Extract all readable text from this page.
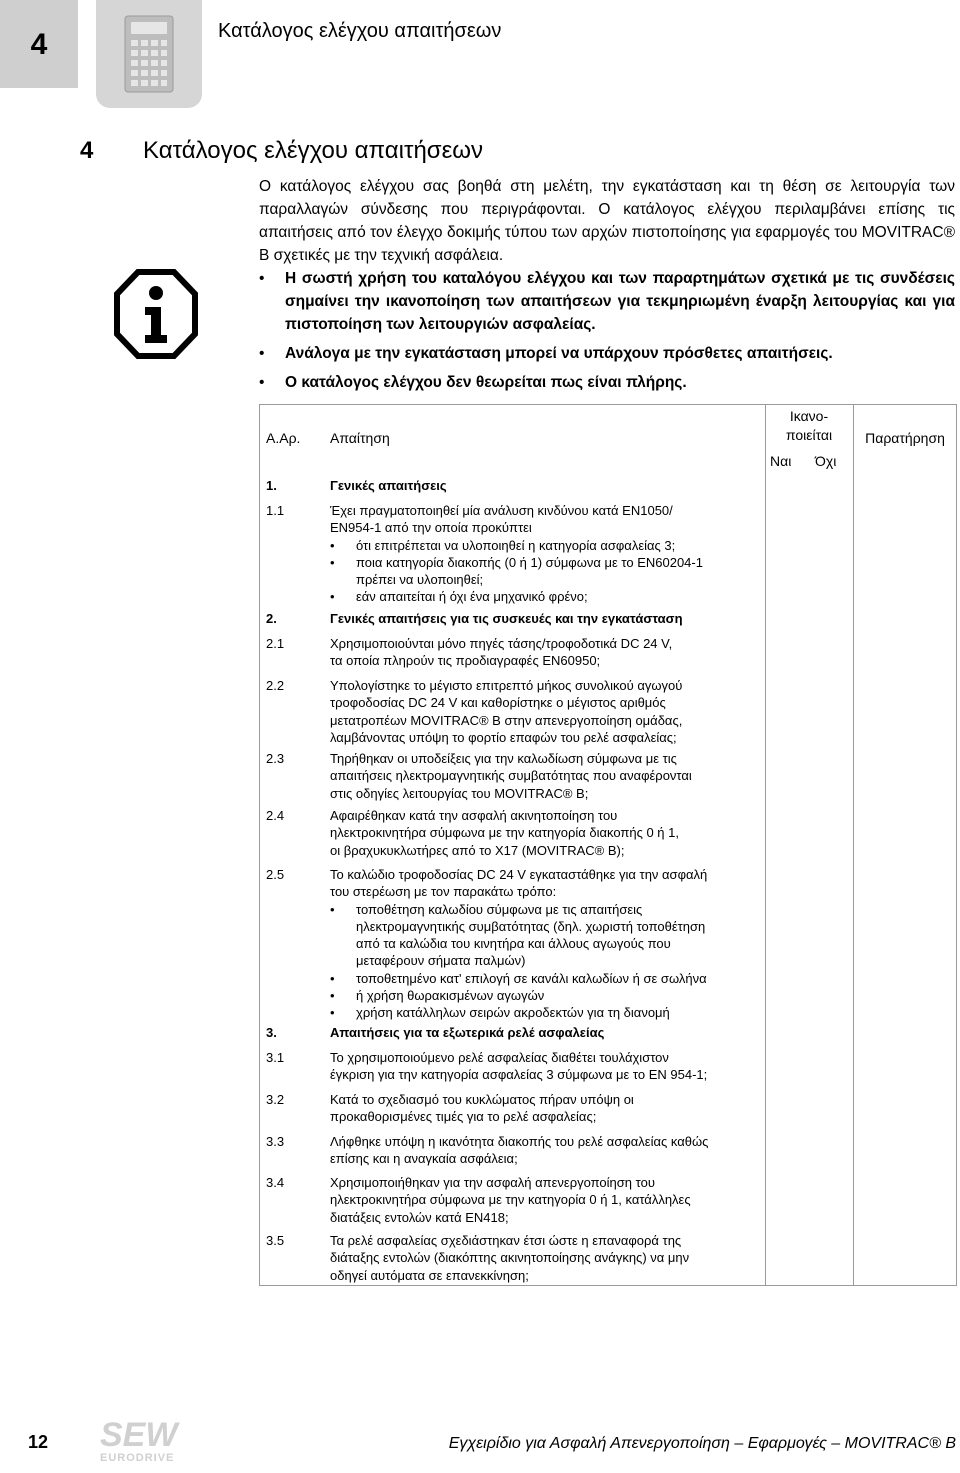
4	Κατάλογος ελέγχου απαιτήσεων
4 Κατάλογος ελέγχου απαιτήσεων
Ο κατάλογος ελέγχου σας βοηθά στη μελέτη, την εγκατάσταση και τη θέση σε λειτουργία των παραλλαγών σύνδεσης που περιγράφονται. Ο κατάλογος ελέγχου περιλαμβάνει επίσης τις απαιτήσεις από τον έλεγχο δοκιμής τύπου των αρχών πιστοποίησης για εφαρμογές του MOVITRAC® B σχετικές με την τεχνική ασφάλεια.
• Η σωστή χρήση του καταλόγου ελέγχου και των παραρτημάτων σχετικά με τις συνδέσεις σημαίνει την ικανοποίηση των απαιτήσεων για τεκμηριωμένη έναρξη λειτουργίας και για πιστοποίηση των λειτουργιών ασφαλείας.
• Ανάλογα με την εγκατάσταση μπορεί να υπάρχουν πρόσθετες απαιτήσεις.
• Ο κατάλογος ελέγχου δεν θεωρείται πως είναι πλήρης.
Α.Αρ. Απαίτηση
Ικανο-
ποιείται
Ναι Όχι
Παρατήρηση
1.	Γενικές απαιτήσεις
1.1	Έχει πραγματοποιηθεί μία ανάλυση κινδύνου κατά EN1050/
EN954-1 από την οποία προκύπτει
• ότι επιτρέπεται να υλοποιηθεί η κατηγορία ασφαλείας 3;
• ποια κατηγορία διακοπής (0 ή 1) σύμφωνα με το EN60204-1
πρέπει να υλοποιηθεί;
• εάν απαιτείται ή όχι ένα μηχανικό φρένο;
2.	Γενικές απαιτήσεις για τις συσκευές και την εγκατάσταση
2.1	Χρησιμοποιούνται μόνο πηγές τάσης/τροφοδοτικά DC 24 V,
τα οποία πληρούν τις προδιαγραφές EN60950;
2.2	Υπολογίστηκε το μέγιστο επιτρεπτό μήκος συνολικού αγωγού
τροφοδοσίας DC 24 V και καθορίστηκε ο μέγιστος αριθμός
μετατροπέων MOVITRAC® B στην απενεργοποίηση ομάδας,
λαμβάνοντας υπόψη το φορτίο επαφών του ρελέ ασφαλείας;
2.3	Τηρήθηκαν οι υποδείξεις για την καλωδίωση σύμφωνα με τις
απαιτήσεις ηλεκτρομαγνητικής συμβατότητας που αναφέρονται
στις οδηγίες λειτουργίας του MOVITRAC® B;
2.4	Αφαιρέθηκαν κατά την ασφαλή ακινητοποίηση του
ηλεκτροκινητήρα σύμφωνα με την κατηγορία διακοπής 0 ή 1,
οι βραχυκυκλωτήρες από το X17 (MOVITRAC® B);
2.5	Το καλώδιο τροφοδοσίας DC 24 V εγκαταστάθηκε για την ασφαλή
του στερέωση με τον παρακάτω τρόπο:
• τοποθέτηση καλωδίου σύμφωνα με τις απαιτήσεις
ηλεκτρομαγνητικής συμβατότητας (δηλ. χωριστή τοποθέτηση
από τα καλώδια του κινητήρα και άλλους αγωγούς που
μεταφέρουν σήματα παλμών)
• τοποθετημένο κατ' επιλογή σε κανάλι καλωδίων ή σε σωλήνα
• ή χρήση θωρακισμένων αγωγών
• χρήση κατάλληλων σειρών ακροδεκτών για τη διανομή
3.	Απαιτήσεις για τα εξωτερικά ρελέ ασφαλείας
3.1	Το χρησιμοποιούμενο ρελέ ασφαλείας διαθέτει τουλάχιστον
έγκριση για την κατηγορία ασφαλείας 3 σύμφωνα με το EN 954-1;
3.2	Κατά το σχεδιασμό του κυκλώματος πήραν υπόψη οι
προκαθορισμένες τιμές για το ρελέ ασφαλείας;
3.3	Λήφθηκε υπόψη η ικανότητα διακοπής του ρελέ ασφαλείας καθώς
επίσης και η αναγκαία ασφάλεια;
3.4	Χρησιμοποιήθηκαν για την ασφαλή απενεργοποίηση του
ηλεκτροκινητήρα σύμφωνα με την κατηγορία 0 ή 1, κατάλληλες
διατάξεις εντολών κατά EN418;
3.5	Τα ρελέ ασφαλείας σχεδιάστηκαν έτσι ώστε η επαναφορά της
διάταξης εντολών (διακόπτης ακινητοποίησης ανάγκης) να μην
οδηγεί αυτόματα σε επανεκκίνηση;
12 SEW
EURODRIVE
Εγχειρίδιο για Ασφαλή Απενεργοποίηση – Εφαρμογές – MOVITRAC® B
